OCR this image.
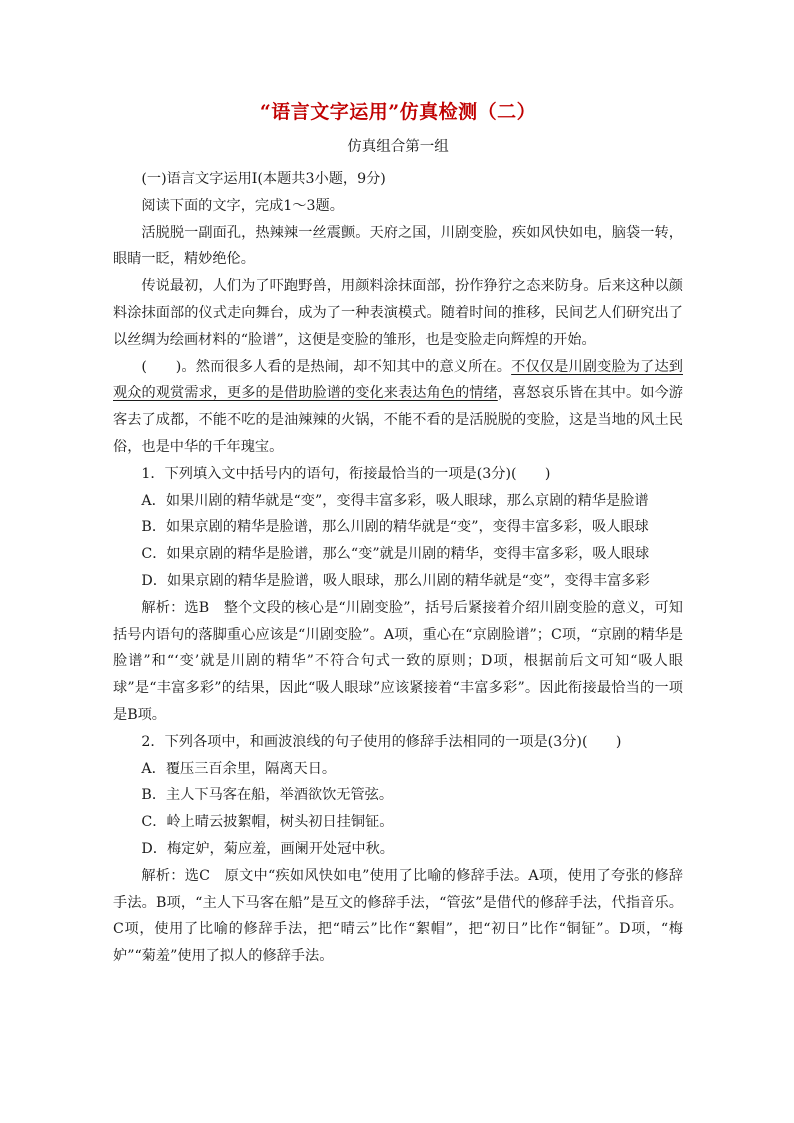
“语言文字运用”仿真检测（二）

仿真组合第一组

(一)语言文字运用Ⅰ(本题共3小题，9分)

阅读下面的文字，完成1～3题。

活脱脱一副面孔，热辣辣一丝震颤。天府之国，川剧变脸，疾如风快如电，脑袋一转，眼睛一眨，精妙绝伦。

传说最初，人们为了吓跑野兽，用颜料涂抹面部，扮作狰狞之态来防身。后来这种以颜料涂抹面部的仪式走向舞台，成为了一种表演模式。随着时间的推移，民间艺人们研究出了以丝绸为绘画材料的“脸谱”，这便是变脸的雏形，也是变脸走向辉煌的开始。

(　　)。然而很多人看的是热闹，却不知其中的意义所在。不仅仅是川剧变脸为了达到观众的观赏需求，更多的是借助脸谱的变化来表达角色的情绪，喜怒哀乐皆在其中。如今游客去了成都，不能不吃的是油辣辣的火锅，不能不看的是活脱脱的变脸，这是当地的风土民俗，也是中华的千年瑰宝。

1．下列填入文中括号内的语句，衔接最恰当的一项是(3分)(　　)

A．如果川剧的精华就是“变”，变得丰富多彩，吸人眼球，那么京剧的精华是脸谱

B．如果京剧的精华是脸谱，那么川剧的精华就是“变”，变得丰富多彩，吸人眼球

C．如果京剧的精华是脸谱，那么“变”就是川剧的精华，变得丰富多彩，吸人眼球

D．如果京剧的精华是脸谱，吸人眼球，那么川剧的精华就是“变”，变得丰富多彩

解析：选B　整个文段的核心是“川剧变脸”，括号后紧接着介绍川剧变脸的意义，可知括号内语句的落脚重心应该是“川剧变脸”。A项，重心在“京剧脸谱”；C项，“京剧的精华是脸谱”和“‘变’就是川剧的精华”不符合句式一致的原则；D项，根据前后文可知“吸人眼球”是“丰富多彩”的结果，因此“吸人眼球”应该紧接着“丰富多彩”。因此衔接最恰当的一项是B项。

2．下列各项中，和画波浪线的句子使用的修辞手法相同的一项是(3分)(　　)

A．覆压三百余里，隔离天日。

B．主人下马客在船，举酒欲饮无管弦。

C．岭上晴云披絮帽，树头初日挂铜钲。

D．梅定妒，菊应羞，画阑开处冠中秋。

解析：选C　原文中“疾如风快如电”使用了比喻的修辞手法。A项，使用了夸张的修辞手法。B项，“主人下马客在船”是互文的修辞手法，“管弦”是借代的修辞手法，代指音乐。C项，使用了比喻的修辞手法，把“晴云”比作“絮帽”，把“初日”比作“铜钲”。D项，“梅妒”“菊羞”使用了拟人的修辞手法。
